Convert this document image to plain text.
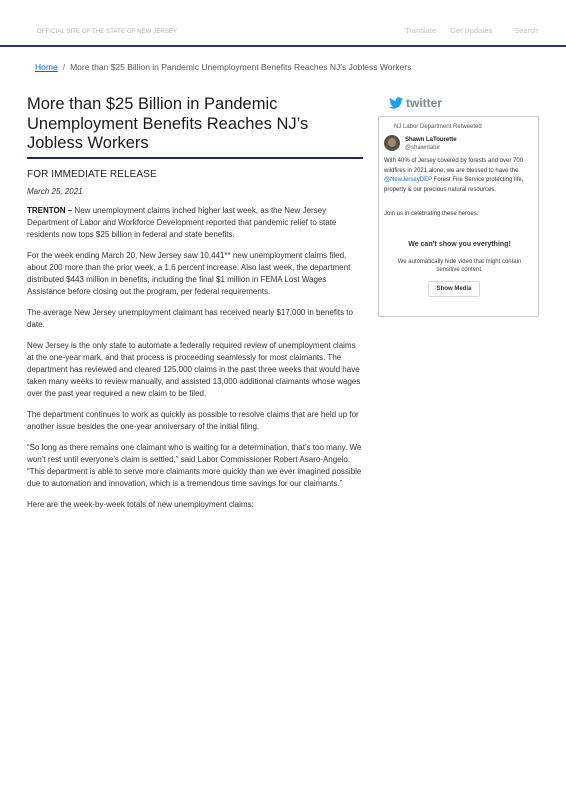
OFFICIAL SITE OF THE STATE OF NEW JERSEY	Translate Get Updates	Search
Home / More than $25 Billion in Pandemic Unemployment Benefits Reaches NJ’s Jobless Workers
More than $25 Billion in Pandemic Unemployment Benefits Reaches NJ’s Jobless Workers
FOR IMMEDIATE RELEASE
March 25, 2021

TRENTON – New unemployment claims inched higher last week, as the New Jersey Department of Labor and Workforce Development reported that pandemic relief to state residents now tops $25 billion in federal and state benefits.

For the week ending March 20, New Jersey saw 10,441** new unemployment claims filed, about 200 more than the prior week, a 1.6 percent increase. Also last week, the department distributed $443 million in benefits, including the final $1 million in FEMA Lost Wages Assistance before closing out the program, per federal requirements.

The average New Jersey unemployment claimant has received nearly $17,000 in benefits to date.

New Jersey is the only state to automate a federally required review of unemployment claims at the one-year mark, and that process is proceeding seamlessly for most claimants. The department has reviewed and cleared 125,000 claims in the past three weeks that would have taken many weeks to review manually, and assisted 13,000 additional claimants whose wages over the past year required a new claim to be filed.

The department continues to work as quickly as possible to resolve claims that are held up for another issue besides the one-year anniversary of the initial filing.

“So long as there remains one claimant who is waiting for a determination, that’s too many. We won’t rest until everyone’s claim is settled,” said Labor Commissioner Robert Asaro-Angelo. “This department is able to serve more claimants more quickly than we ever imagined possible due to automation and innovation, which is a tremendous time savings for our claimants.”

Here are the week-by-week totals of new unemployment claims:

twitter
NJ Labor Department Retweeted
Shawn LaTourette
@shawnlatur
With 40% of Jersey covered by forests and over 700 wildfires in 2021 alone, we are blessed to have the @NewJerseyDEP Forest Fire Service protecting life, property & our precious natural resources.
Join us in celebrating these heroes.
We can’t show you everything!
We automatically hide video that might contain sensitive content.
Show Media
